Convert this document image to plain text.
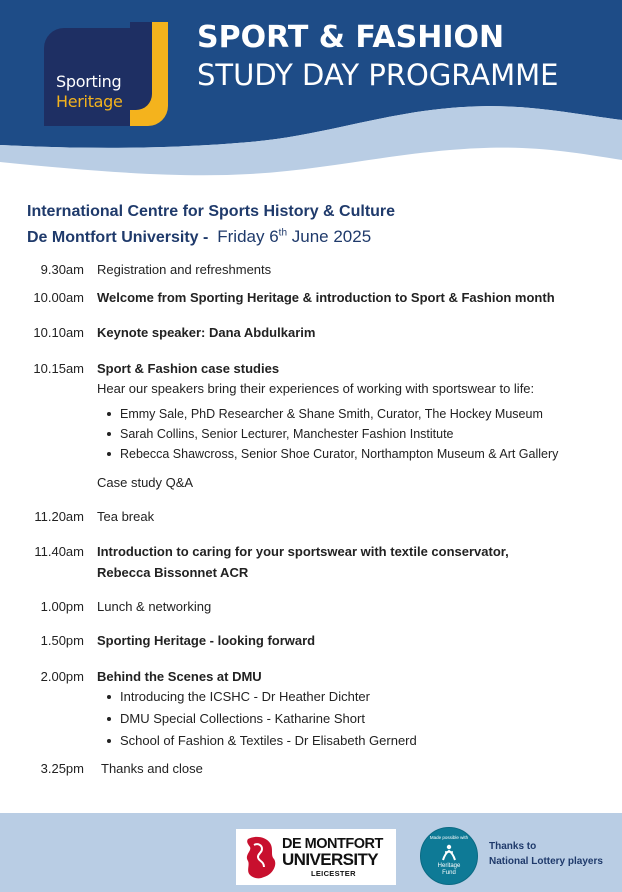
Sporting
Heritage
SPORT & FASHION
STUDY DAY PROGRAMME
International Centre for Sports History & Culture
De Montfort University -  Friday 6th June 2025
9.30am Registration and refreshments
10.00am Welcome from Sporting Heritage & introduction to Sport & Fashion month
10.10am Keynote speaker: Dana Abdulkarim
10.15am Sport & Fashion case studies
Hear our speakers bring their experiences of working with sportswear to life:
Emmy Sale, PhD Researcher & Shane Smith, Curator, The Hockey Museum
Sarah Collins, Senior Lecturer, Manchester Fashion Institute
Rebecca Shawcross, Senior Shoe Curator, Northampton Museum & Art Gallery
Case study Q&A
11.20am Tea break
11.40am Introduction to caring for your sportswear with textile conservator,
Rebecca Bissonnet ACR
1.00pm Lunch & networking
1.50pm Sporting Heritage - looking forward
2.00pm Behind the Scenes at DMU
Introducing the ICSHC - Dr Heather Dichter
DMU Special Collections - Katharine Short
School of Fashion & Textiles - Dr Elisabeth Gernerd
3.25pm Thanks and close
DE MONTFORT
UNIVERSITY
LEICESTER
Made possible with
Heritage
Fund
Thanks to
National Lottery players
